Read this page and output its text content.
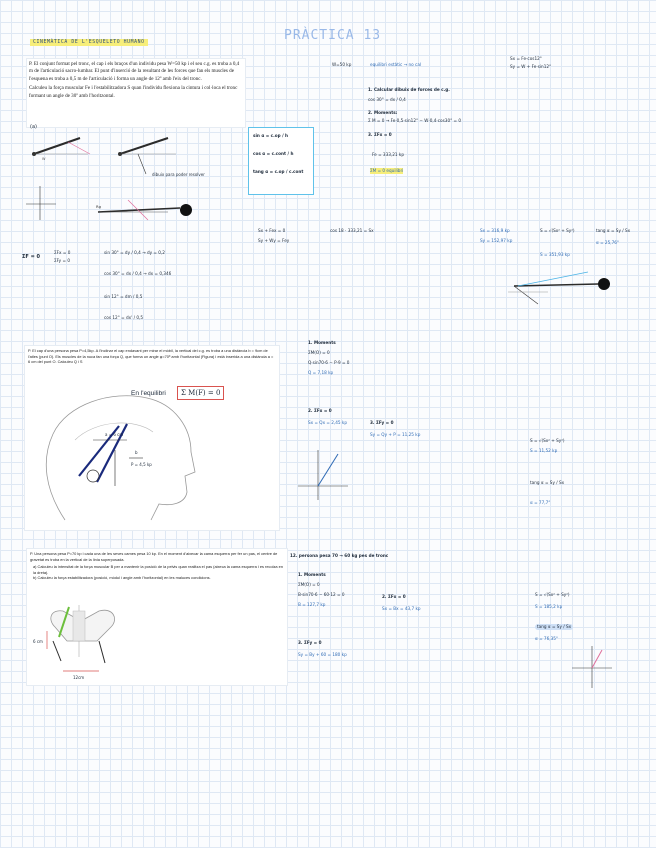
PRÀCTICA 13
CINEMÀTICA DE L'ESQUELETO HUMANO
P. El conjunt format pel tronc, el cap i els braços d'un individu pesa W=50 kp i el seu c.g. es troba a 0,4 m de l'articulació sacro-lumbar. El punt d'inserció de la resultant de les forces que fan els muscles de l'esquena es troba a 0,5 m de l'articulació i forma un angle de 12º amb l'eix del tronc.
Calculeu la força muscular Fe i l'estabilitzadora S quan l'individu flexiona la cintura i col·loca el tronc formant un angle de 30º amb l'horitzontal.
(a)
W
dibuix para poder resolver
Rg
sin α = c.op / h
cos α = c.cont / h
tang α = c.op / c.cont
ΣF = 0
ΣFx = 0
ΣFy = 0
sin 30° = dy / 0,4 → dy = 0,2
cos 30° = dx / 0,4 → dx = 0,346
sin 12° = dm / 0,5
cos 12° = dx' / 0,5
W=50 kp	equilibri estàtic → no cal
1. Calcular dibuix de forces de c.g.
cos 30° = dx / 0,4
2. Moments:
Σ M = 0 → Fe·0,5·sin12° − W·0,4·cos30° = 0
3. ΣFx = 0
Fe = 333,21 kp
ΣM = 0 equilibri
Sx = Fe·cos12°
Sy = W + Fe·sin12°
Sx + Fex = 0
Sy + Wy = Fey
cos 18 · 333,21 = Sx	Sx = 316,9 kp
Sy = 152,97 kp
S = √(Sx² + Sy²)
S = 351,93 kp
tang α = Sy / Sx
α = 25,76°
P. El cap d'una persona pesa P=4,5kp. A l'inclinar el cap endavant per mirar el mòbil, la vertical del c.g. es troba a una distància b = 9cm de l'atles (punt O). Els muscles de la nuca fan una força Q, que forma un angle φ=70º amb l'horitzontal (Figura) i està inserida a una distància a = 6 cm del punt O. Calculeu Q i S
En l'equilibri	Σ M(F) = 0
a = 6 cm
b
P = 4,5 kp
1. Moments
ΣM(O) = 0
Q·sin70·6 − P·9 = 0
Q = 7,18 kp
2. ΣFx = 0
Sx = Qx = 2,45 kp	3. ΣFy = 0
Sy = Qy + P = 11,25 kp
S = √(Sx² + Sy²)
S = 11,52 kp
tang α = Sy / Sx
α = 77,7°
P. Una persona pesa P=70 kp i cada una de les seves cames pesa 10 kp. En el moment d'aixecar la cama esquerra per fer un pas, el centre de gravetat es troba en la vertical de la línia superposada.
a) Calculeu la intensitat de la força muscular B per a mantenir la posició de la pelvis quan realitza el pas (aixeca la cama esquerra i es recolza en la dreta).
b) Calculeu la força estabilitzadora (posició, mòdul i angle amb l'horitzontal) en les maluces condicions.
6 cm
12cm
12. persona pesa 70 → 60 kg pes de tronc
1. Moments
ΣM(O) = 0
B·sin70·6 − 60·12 = 0
B = 127,7 kp
2. ΣFx = 0
Sx = Bx = 43,7 kp
3. ΣFy = 0
Sy = By + 60 = 180 kp
S = √(Sx² + Sy²)
S = 185,2 kp
tang α = Sy / Sx
α = 76,35°
